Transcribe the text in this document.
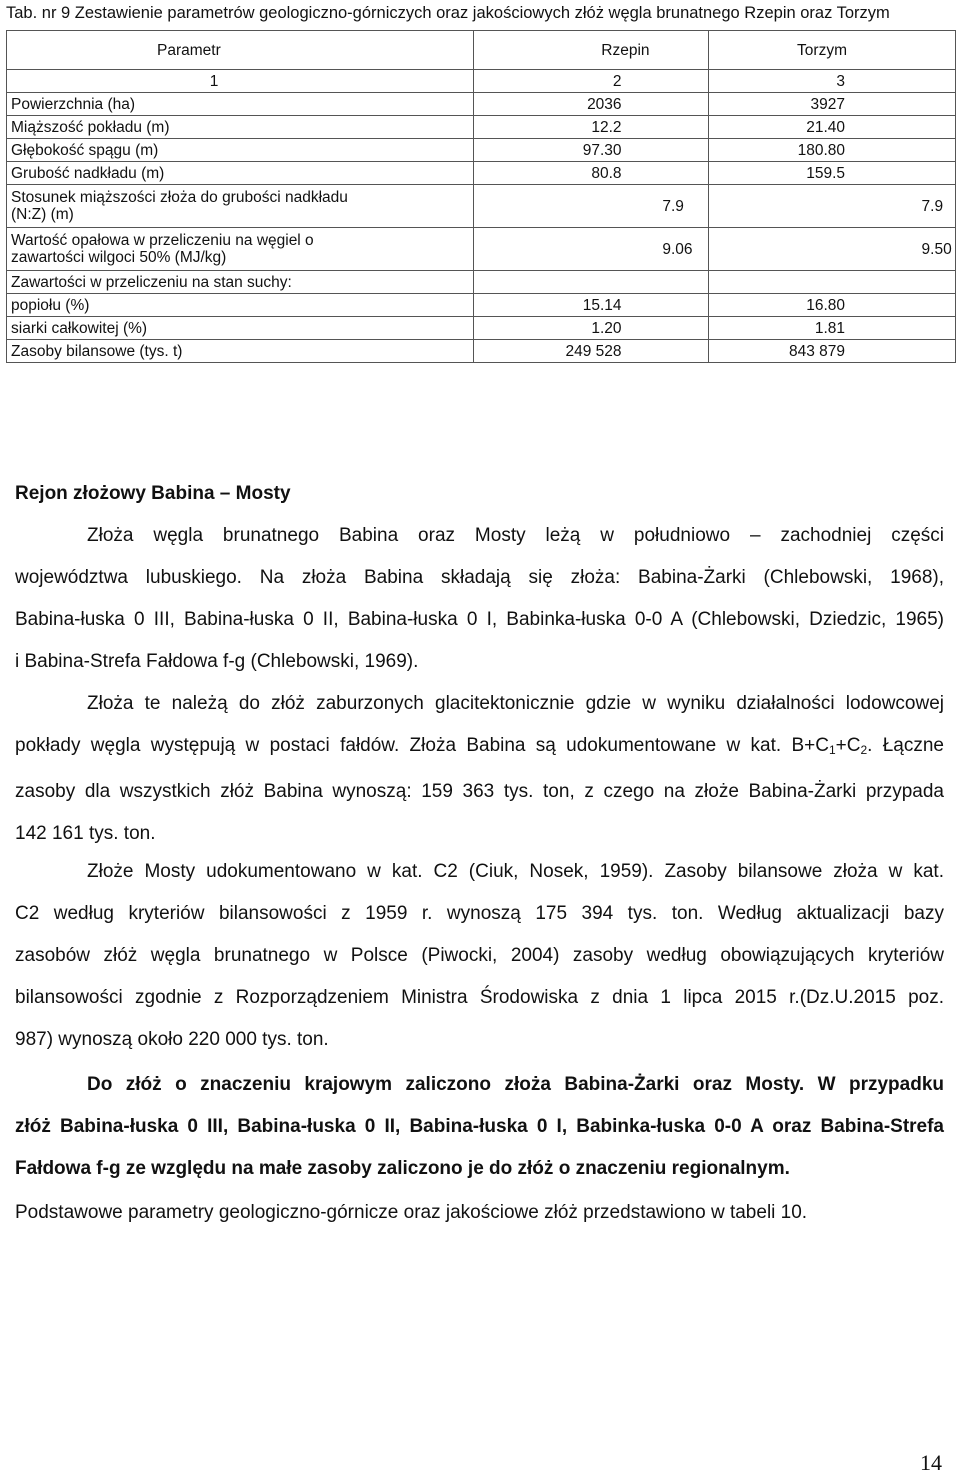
Tab. nr 9 Zestawienie parametrów geologiczno-górniczych oraz jakościowych złóż węgla brunatnego Rzepin oraz Torzym
Parametr	Rzepin	Torzym
1	2	3
Powierzchnia (ha)	2036	3927
Miąższość pokładu (m)	12.2	21.40
Głębokość spągu (m)	97.30	180.80
Grubość nadkładu (m)	80.8	159.5
Stosunek miąższości złoża do grubości nadkładu
(N:Z) (m)	7.9	7.9
Wartość opałowa w przeliczeniu na węgiel o
zawartości wilgoci 50% (MJ/kg)	9.06	9.50
Zawartości w przeliczeniu na stan suchy:		
popiołu (%)	15.14	16.80
siarki całkowitej (%)	1.20	1.81
Zasoby bilansowe (tys. t)	249 528	843 879
Rejon złożowy Babina – Mosty
Złoża węgla brunatnego Babina oraz Mosty leżą w południowo – zachodniej części
województwa lubuskiego. Na złoża Babina składają się złoża: Babina-Żarki (Chlebowski, 1968),
Babina-łuska 0 III, Babina-łuska 0 II, Babina-łuska 0 I, Babinka-łuska 0-0 A (Chlebowski, Dziedzic, 1965)
i Babina-Strefa Fałdowa f-g (Chlebowski, 1969).
Złoża te należą do złóż zaburzonych glacitektonicznie gdzie w wyniku działalności lodowcowej
pokłady węgla występują w postaci fałdów. Złoża Babina są udokumentowane w kat. $B+C_1+C_2$. Łączne
zasoby dla wszystkich złóż Babina wynoszą: 159 363 tys. ton, z czego na złoże Babina-Żarki przypada
142 161 tys. ton.
Złoże Mosty udokumentowano w kat. C2 (Ciuk, Nosek, 1959). Zasoby bilansowe złoża w kat.
C2 według kryteriów bilansowości z 1959 r. wynoszą 175 394 tys. ton. Według aktualizacji bazy
zasobów złóż węgla brunatnego w Polsce (Piwocki, 2004) zasoby według obowiązujących kryteriów
bilansowości zgodnie z Rozporządzeniem Ministra Środowiska z dnia 1 lipca 2015 r.(Dz.U.2015 poz.
987) wynoszą około 220 000 tys. ton.
Do złóż o znaczeniu krajowym zaliczono złoża Babina-Żarki oraz Mosty. W przypadku
złóż Babina-łuska 0 III, Babina-łuska 0 II, Babina-łuska 0 I, Babinka-łuska 0-0 A oraz Babina-Strefa
Fałdowa f-g ze względu na małe zasoby zaliczono je do złóż o znaczeniu regionalnym.
Podstawowe parametry geologiczno-górnicze oraz jakościowe złóż przedstawiono w tabeli 10.
14
